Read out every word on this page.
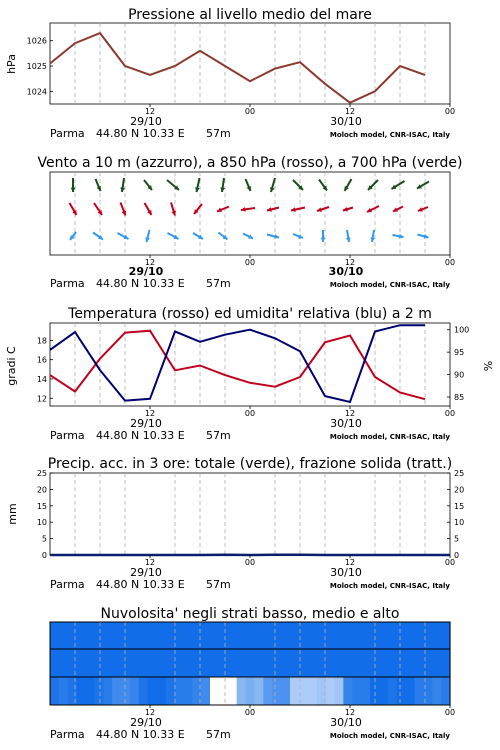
Pressione al livello medio del mare
1024
1025
1026
hPa
12	00	12	00
29/10	30/10
Parma 44.80 N 10.33 E 57m	Moloch model, CNR-ISAC, Italy
Vento a 10 m (azzurro), a 850 hPa (rosso), a 700 hPa (verde)
12	00	12	00
29/10	30/10
Parma 44.80 N 10.33 E 57m	Moloch model, CNR-ISAC, Italy
Temperatura (rosso) ed umidita' relativa (blu) a 2 m
12
14
16
18
85
90
95
100
gradi C	%
12	00	12	00
29/10	30/10
Parma 44.80 N 10.33 E 57m	Moloch model, CNR-ISAC, Italy
Precip. acc. in 3 ore: totale (verde), frazione solida (tratt.)
0
5
10
15
20
25
0
5
10
15
20
25
mm
12	00	12	00
29/10	30/10
Parma 44.80 N 10.33 E 57m	Moloch model, CNR-ISAC, Italy
Nuvolosita' negli strati basso, medio e alto
12	00	12	00
29/10	30/10
Parma 44.80 N 10.33 E 57m	Moloch model, CNR-ISAC, Italy
